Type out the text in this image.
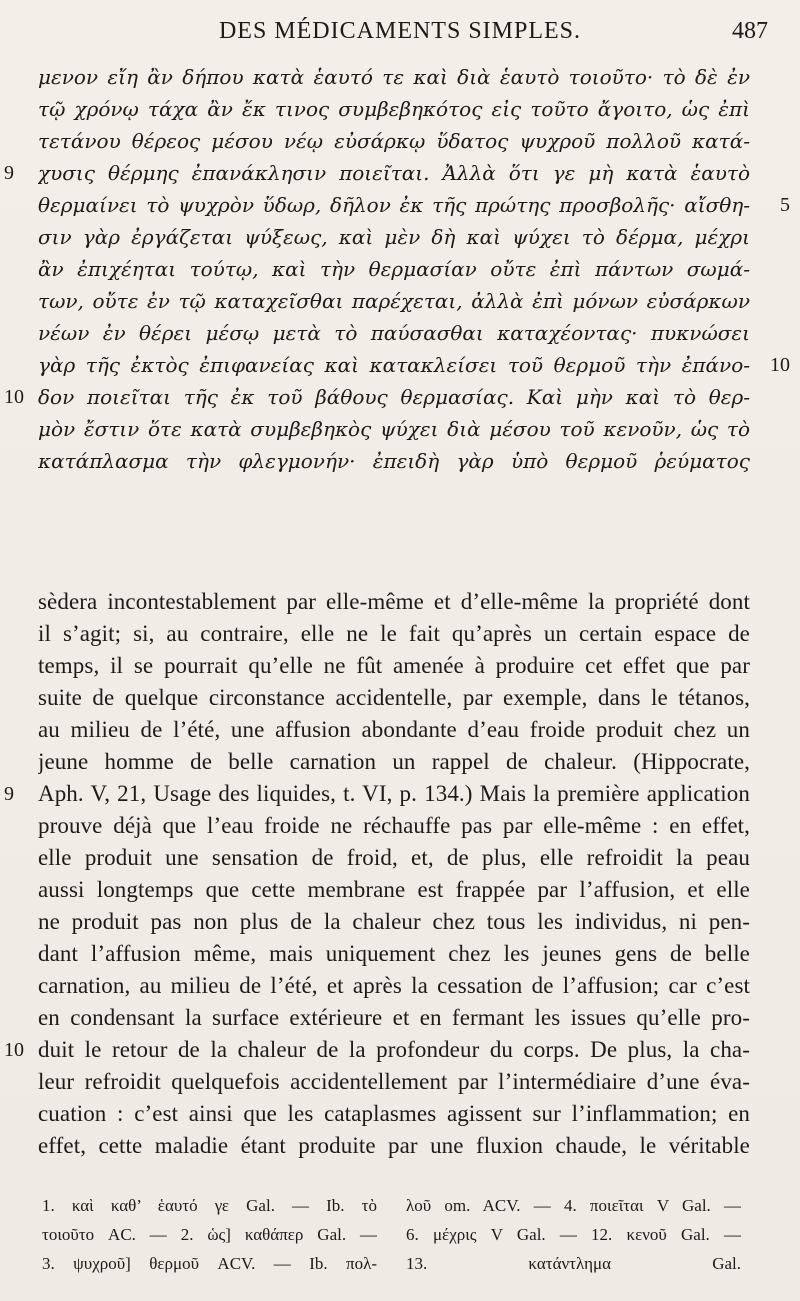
DES MÉDICAMENTS SIMPLES.	487
μενον εἴη ἂν δήπου κατὰ ἑαυτό τε καὶ διὰ ἑαυτὸ τοιοῦτο· τὸ δὲ ἐν
τῷ χρόνῳ τάχα ἂν ἔκ τινος συμβεβηκότος εἰς τοῦτο ἄγοιτο, ὡς ἐπὶ
τετάνου θέρεος μέσου νέῳ εὐσάρκῳ ὕδατος ψυχροῦ πολλοῦ κατά-
χυσις θέρμης ἐπανάκλησιν ποιεῖται. Ἀλλὰ ὅτι γε μὴ κατὰ ἑαυτὸ
θερμαίνει τὸ ψυχρὸν ὕδωρ, δῆλον ἐκ τῆς πρώτης προσβολῆς· αἴσθη-
σιν γὰρ ἐργάζεται ψύξεως, καὶ μὲν δὴ καὶ ψύχει τὸ δέρμα, μέχρι
ἂν ἐπιχέηται τούτῳ, καὶ τὴν θερμασίαν οὔτε ἐπὶ πάντων σωμά-
των, οὔτε ἐν τῷ καταχεῖσθαι παρέχεται, ἀλλὰ ἐπὶ μόνων εὐσάρκων
νέων ἐν θέρει μέσῳ μετὰ τὸ παύσασθαι καταχέοντας· πυκνώσει
γὰρ τῆς ἐκτὸς ἐπιφανείας καὶ κατακλείσει τοῦ θερμοῦ τὴν ἐπάνο-
δον ποιεῖται τῆς ἐκ τοῦ βάθους θερμασίας. Καὶ μὴν καὶ τὸ θερ-
μὸν ἔστιν ὅτε κατὰ συμβεβηκὸς ψύχει διὰ μέσου τοῦ κενοῦν, ὡς τὸ
κατάπλασμα τὴν φλεγμονήν· ἐπειδὴ γὰρ ὑπὸ θερμοῦ ῥεύματος
9
10
5
10
sèdera incontestablement par elle-même et d’elle-même la propriété dont
il s’agit; si, au contraire, elle ne le fait qu’après un certain espace de
temps, il se pourrait qu’elle ne fût amenée à produire cet effet que par
suite de quelque circonstance accidentelle, par exemple, dans le tétanos,
au milieu de l’été, une affusion abondante d’eau froide produit chez un
jeune homme de belle carnation un rappel de chaleur. (Hippocrate,
Aph. V, 21, Usage des liquides, t. VI, p. 134.) Mais la première application
prouve déjà que l’eau froide ne réchauffe pas par elle-même : en effet,
elle produit une sensation de froid, et, de plus, elle refroidit la peau
aussi longtemps que cette membrane est frappée par l’affusion, et elle
ne produit pas non plus de la chaleur chez tous les individus, ni pen-
dant l’affusion même, mais uniquement chez les jeunes gens de belle
carnation, au milieu de l’été, et après la cessation de l’affusion; car c’est
en condensant la surface extérieure et en fermant les issues qu’elle pro-
duit le retour de la chaleur de la profondeur du corps. De plus, la cha-
leur refroidit quelquefois accidentellement par l’intermédiaire d’une éva-
cuation : c’est ainsi que les cataplasmes agissent sur l’inflammation; en
effet, cette maladie étant produite par une fluxion chaude, le véritable
9
10
1. καὶ καθ’ ἑαυτό γε Gal. — Ib. τὸ
τοιοῦτο AC. — 2. ὡς] καθάπερ Gal. —
3. ψυχροῦ] θερμοῦ ACV. — Ib. πολ-
λοῦ om. ACV. — 4. ποιεῖται V Gal. —
6. μέχρις V Gal. — 12. κενοῦ Gal. —
13. κατάντλημα Gal.
